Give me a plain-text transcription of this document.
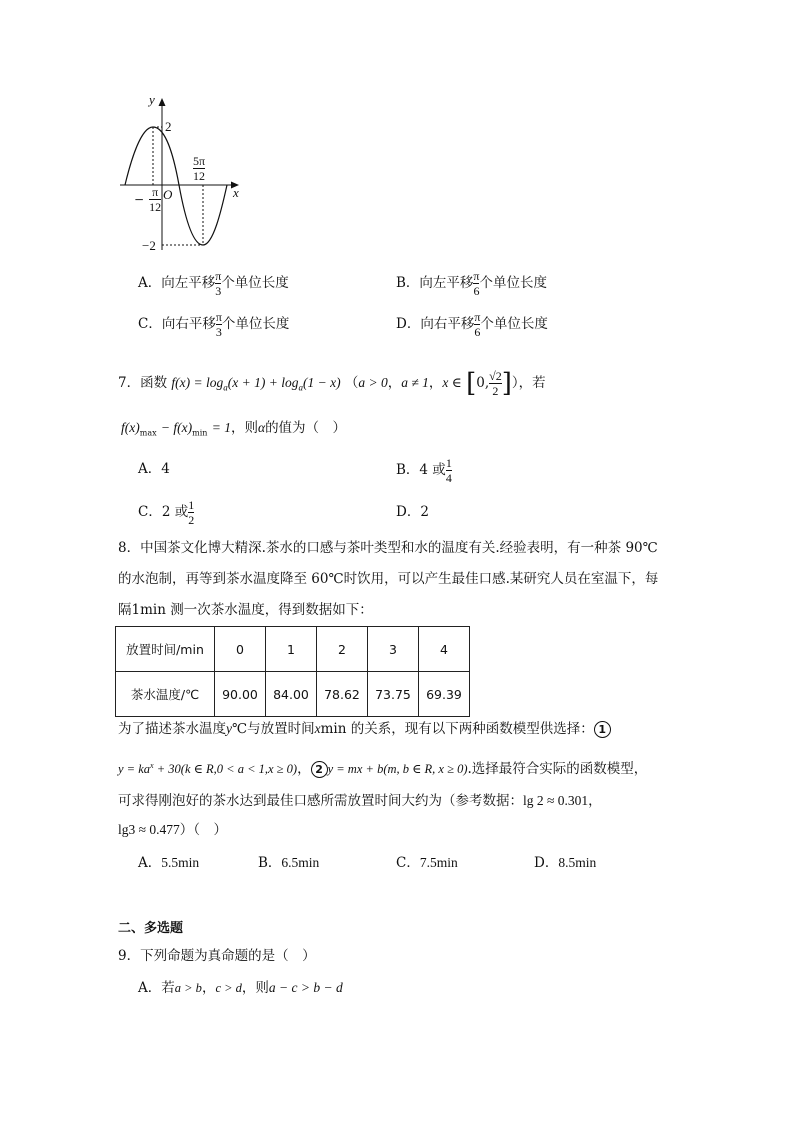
y
x
O
2
−2
− $\frac{\pi}{12}$
$\frac{5\pi}{12}$
A．向左平移 $\frac{\pi}{3}$ 个单位长度	B．向左平移 $\frac{\pi}{6}$ 个单位长度
C．向右平移 $\frac{\pi}{3}$ 个单位长度	D．向右平移 $\frac{\pi}{6}$ 个单位长度
7．函数 $f(x) = \log_a(x + 1) + \log_a(1 - x) (a > 0$，a ≠ 1，x ∈ [0, $\frac{√2}{2}$ ]），若
$f(x)_{max} - f(x)_{min} = 1$，则α的值为（　）
A．4	B．4 或 $\frac{1}{4}$
C．2 或 $\frac{1}{2}$	D．2
8．中国茶文化博大精深.茶水的口感与茶叶类型和水的温度有关.经验表明，有一种茶 90℃
的水泡制，再等到茶水温度降至 60℃时饮用，可以产生最佳口感.某研究人员在室温下，每
隔1min 测一次茶水温度，得到数据如下：
放置时间/min	0	1	2	3	4
茶水温度/℃	90.00	84.00	78.62	73.75	69.39
为了描述茶水温度y℃与放置时间xmin 的关系，现有以下两种函数模型供选择： 1
$y = ka^x + 30(k$ ∈ R,0 < a < 1,x ≥ 0)， 2 y = mx + b(m, b ∈ R, x ≥ 0).选择最符合实际的函数模型，
可求得刚泡好的茶水达到最佳口感所需放置时间大约为（参考数据：lg 2 ≈ 0.301，
lg3 ≈ 0.477）（　）
A．5.5min	B．6.5min	C．7.5min	D．8.5min
二、多选题
9．下列命题为真命题的是（　）
A．若a > b，c > d，则a − c > b − d
